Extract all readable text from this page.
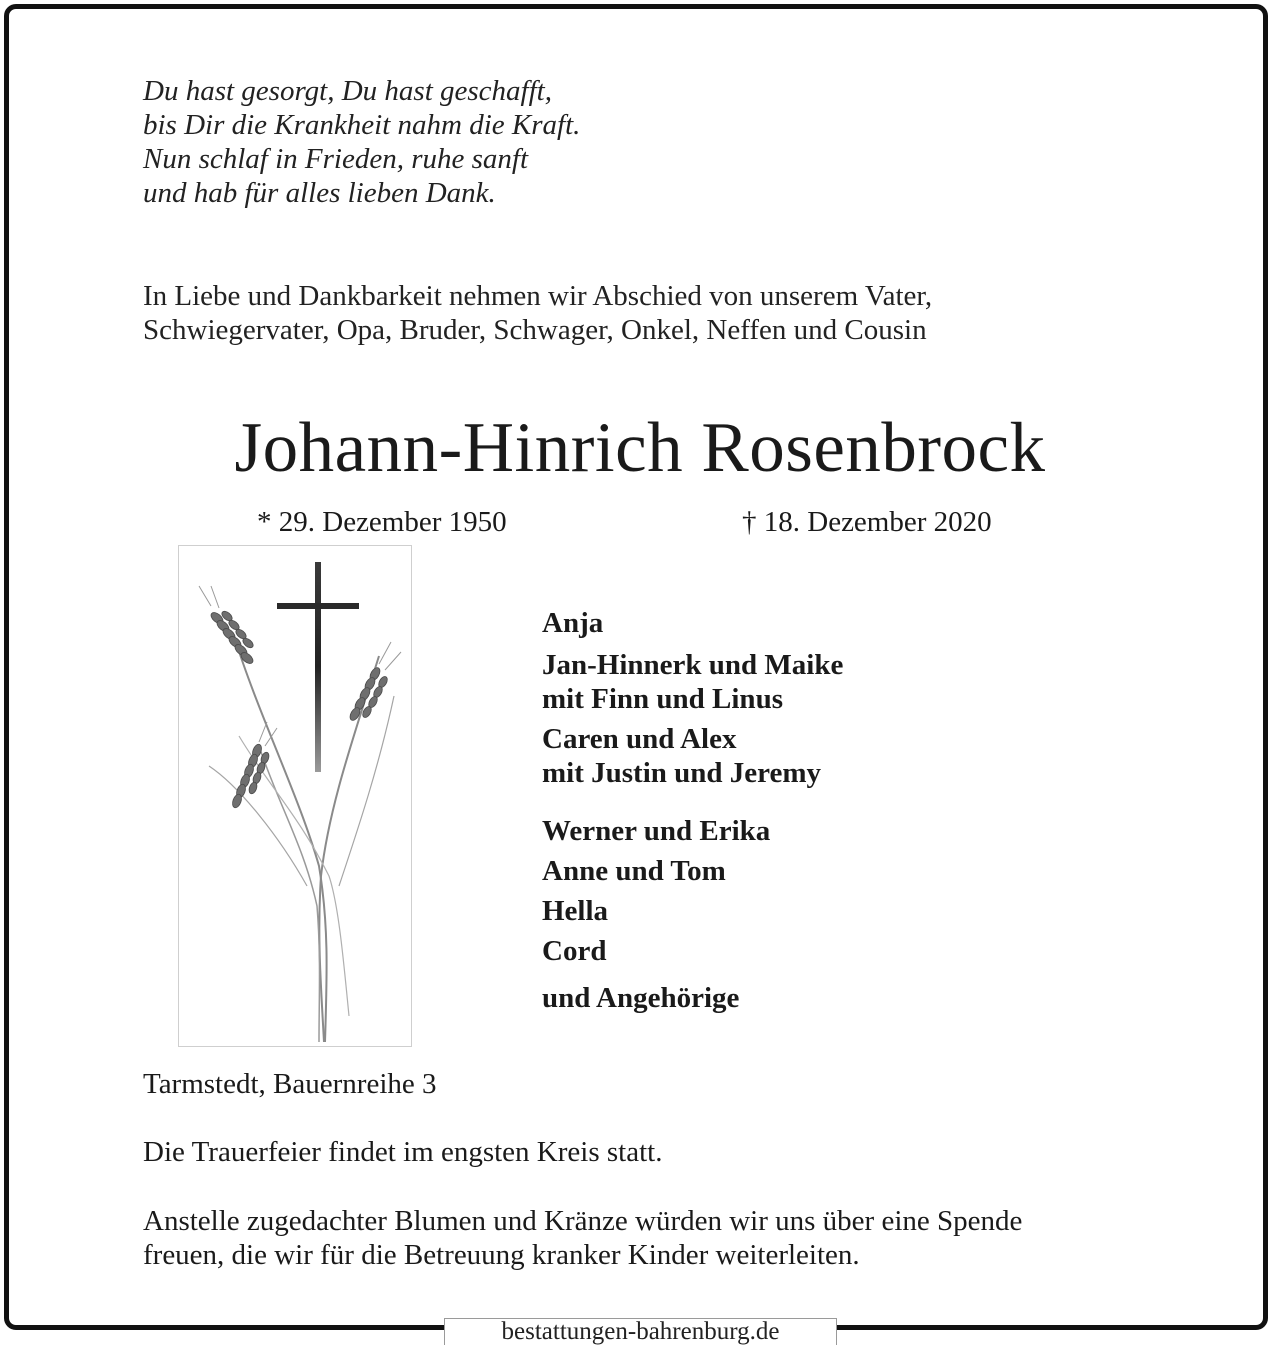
Du hast gesorgt, Du hast geschafft,
bis Dir die Krankheit nahm die Kraft.
Nun schlaf in Frieden, ruhe sanft
und hab für alles lieben Dank.
In Liebe und Dankbarkeit nehmen wir Abschied von unserem Vater,
Schwiegervater, Opa, Bruder, Schwager, Onkel, Neffen und Cousin
Johann-Hinrich Rosenbrock
* 29. Dezember 1950	† 18. Dezember 2020
Anja
Jan-Hinnerk und Maike
mit Finn und Linus
Caren und Alex
mit Justin und Jeremy
Werner und Erika
Anne und Tom
Hella
Cord
und Angehörige
Tarmstedt, Bauernreihe 3
Die Trauerfeier findet im engsten Kreis statt.
Anstelle zugedachter Blumen und Kränze würden wir uns über eine Spende
freuen, die wir für die Betreuung kranker Kinder weiterleiten.
bestattungen-bahrenburg.de
